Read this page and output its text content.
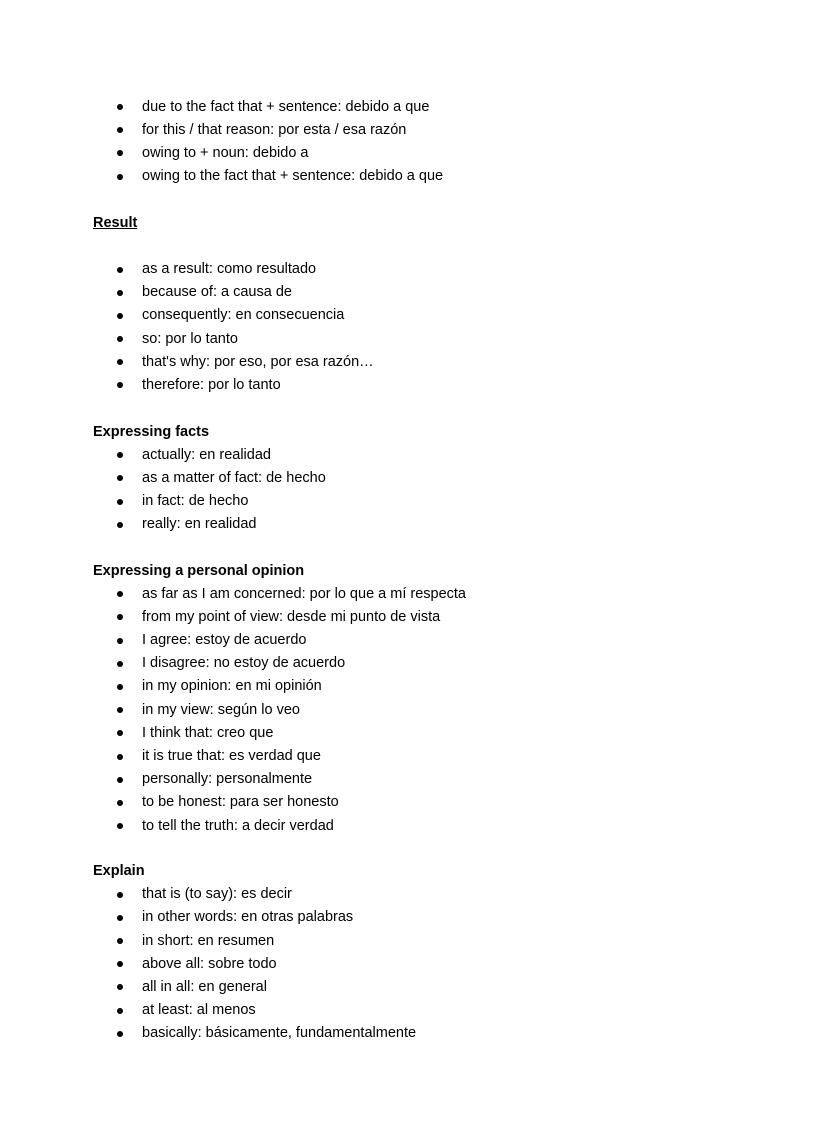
due to the fact that + sentence: debido a que
for this / that reason: por esta / esa razón
owing to + noun: debido a
owing to the fact that + sentence: debido a que
Result
as a result: como resultado
because of: a causa de
consequently: en consecuencia
so: por lo tanto
that's why: por eso, por esa razón…
therefore: por lo tanto
Expressing facts
actually: en realidad
as a matter of fact: de hecho
in fact: de hecho
really: en realidad
Expressing a personal opinion
as far as I am concerned: por lo que a mí respecta
from my point of view: desde mi punto de vista
I agree: estoy de acuerdo
I disagree: no estoy de acuerdo
in my opinion: en mi opinión
in my view: según lo veo
I think that: creo que
it is true that: es verdad que
personally: personalmente
to be honest: para ser honesto
to tell the truth: a decir verdad
Explain
that is (to say): es decir
in other words: en otras palabras
in short: en resumen
above all: sobre todo
all in all: en general
at least: al menos
basically: básicamente, fundamentalmente
